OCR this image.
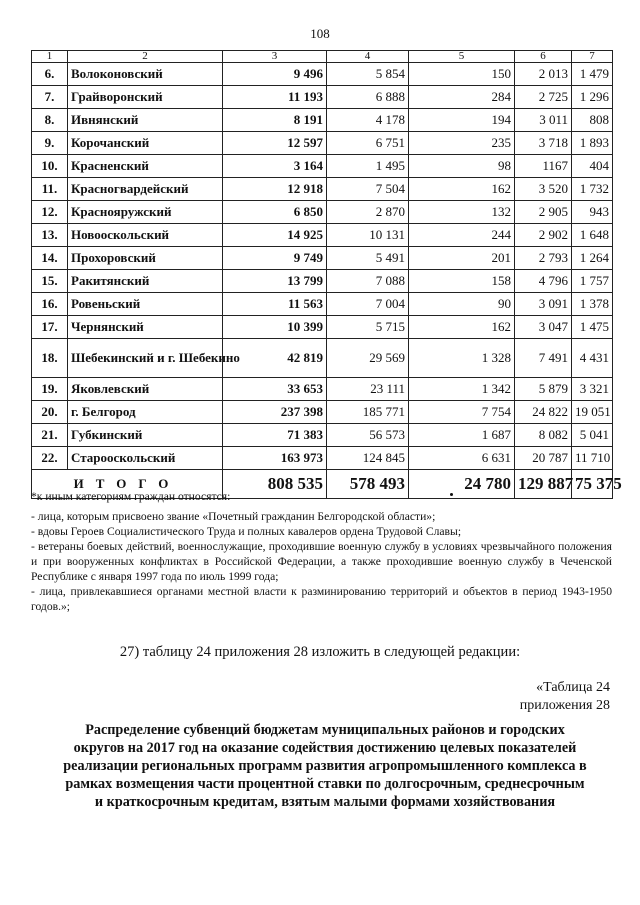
108
1	2	3	4	5	6	7
6.	Волоконовский	9 496	5 854	150	2 013	1 479
7.	Грайворонский	11 193	6 888	284	2 725	1 296
8.	Ивнянский	8 191	4 178	194	3 011	808
9.	Корочанский	12 597	6 751	235	3 718	1 893
10.	Красненский	3 164	1 495	98	1167	404
11.	Красногвардейский	12 918	7 504	162	3 520	1 732
12.	Краснояружский	6 850	2 870	132	2 905	943
13.	Новооскольский	14 925	10 131	244	2 902	1 648
14.	Прохоровский	9 749	5 491	201	2 793	1 264
15.	Ракитянский	13 799	7 088	158	4 796	1 757
16.	Ровеньский	11 563	7 004	90	3 091	1 378
17.	Чернянский	10 399	5 715	162	3 047	1 475
18.	Шебекинский и г. Шебекино	42 819	29 569	1 328	7 491	4 431
19.	Яковлевский	33 653	23 111	1 342	5 879	3 321
20.	г. Белгород	237 398	185 771	7 754	24 822	19 051
21.	Губкинский	71 383	56 573	1 687	8 082	5 041
22.	Старооскольский	163 973	124 845	6 631	20 787	11 710
ИТОГО		808 535	578 493	24 780	129 887	75 375

*к иным категориям граждан относятся:

- лица, которым присвоено звание «Почетный гражданин Белгородской области»;

- вдовы Героев Социалистического Труда и полных кавалеров ордена Трудовой Славы;

- ветераны боевых действий, военнослужащие, проходившие военную службу в условиях чрезвычайного положения и при вооруженных конфликтах в Российской Федерации, а также проходившие военную службу в Чеченской Республике с января 1997 года по июль 1999 года;

- лица, привлекавшиеся органами местной власти к разминированию территорий и объектов в период 1943-1950 годов.»;

27) таблицу 24 приложения 28 изложить в следующей редакции:
«Таблица 24
приложения 28
Распределение субвенций бюджетам муниципальных районов и городских округов на 2017 год на оказание содействия достижению целевых показателей реализации региональных программ развития агропромышленного комплекса в рамках возмещения части процентной ставки по долгосрочным, среднесрочным и краткосрочным кредитам, взятым малыми формами хозяйствования
